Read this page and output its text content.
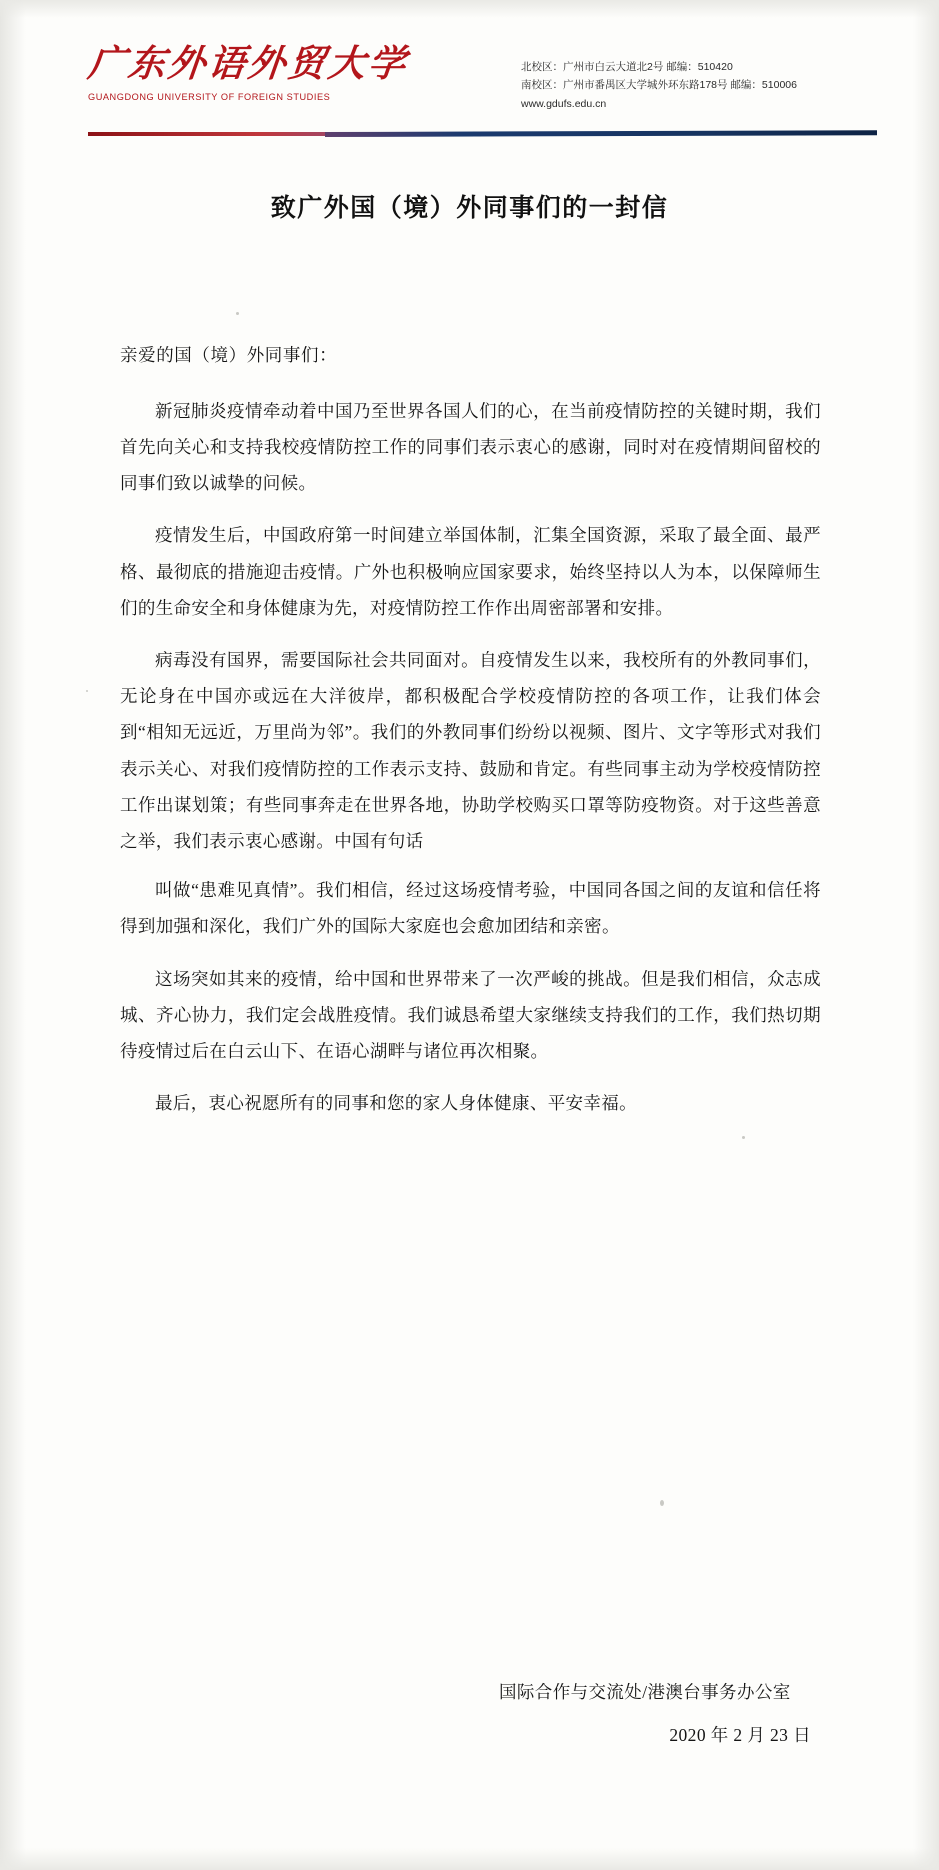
广东外语外贸大学
GUANGDONG UNIVERSITY OF FOREIGN STUDIES
北校区：广州市白云大道北2号 邮编：510420
南校区：广州市番禺区大学城外环东路178号 邮编：510006
www.gdufs.edu.cn
致广外国（境）外同事们的一封信
亲爱的国（境）外同事们：

新冠肺炎疫情牵动着中国乃至世界各国人们的心，在当前疫情防控的关键时期，我们首先向关心和支持我校疫情防控工作的同事们表示衷心的感谢，同时对在疫情期间留校的同事们致以诚挚的问候。

疫情发生后，中国政府第一时间建立举国体制，汇集全国资源，采取了最全面、最严格、最彻底的措施迎击疫情。广外也积极响应国家要求，始终坚持以人为本，以保障师生们的生命安全和身体健康为先，对疫情防控工作作出周密部署和安排。

病毒没有国界，需要国际社会共同面对。自疫情发生以来，我校所有的外教同事们，无论身在中国亦或远在大洋彼岸，都积极配合学校疫情防控的各项工作，让我们体会到“相知无远近，万里尚为邻”。我们的外教同事们纷纷以视频、图片、文字等形式对我们表示关心、对我们疫情防控的工作表示支持、鼓励和肯定。有些同事主动为学校疫情防控工作出谋划策；有些同事奔走在世界各地，协助学校购买口罩等防疫物资。对于这些善意之举，我们表示衷心感谢。中国有句话

叫做“患难见真情”。我们相信，经过这场疫情考验，中国同各国之间的友谊和信任将得到加强和深化，我们广外的国际大家庭也会愈加团结和亲密。

这场突如其来的疫情，给中国和世界带来了一次严峻的挑战。但是我们相信，众志成城、齐心协力，我们定会战胜疫情。我们诚恳希望大家继续支持我们的工作，我们热切期待疫情过后在白云山下、在语心湖畔与诸位再次相聚。

最后，衷心祝愿所有的同事和您的家人身体健康、平安幸福。

国际合作与交流处/港澳台事务办公室
2020 年 2 月 23 日
